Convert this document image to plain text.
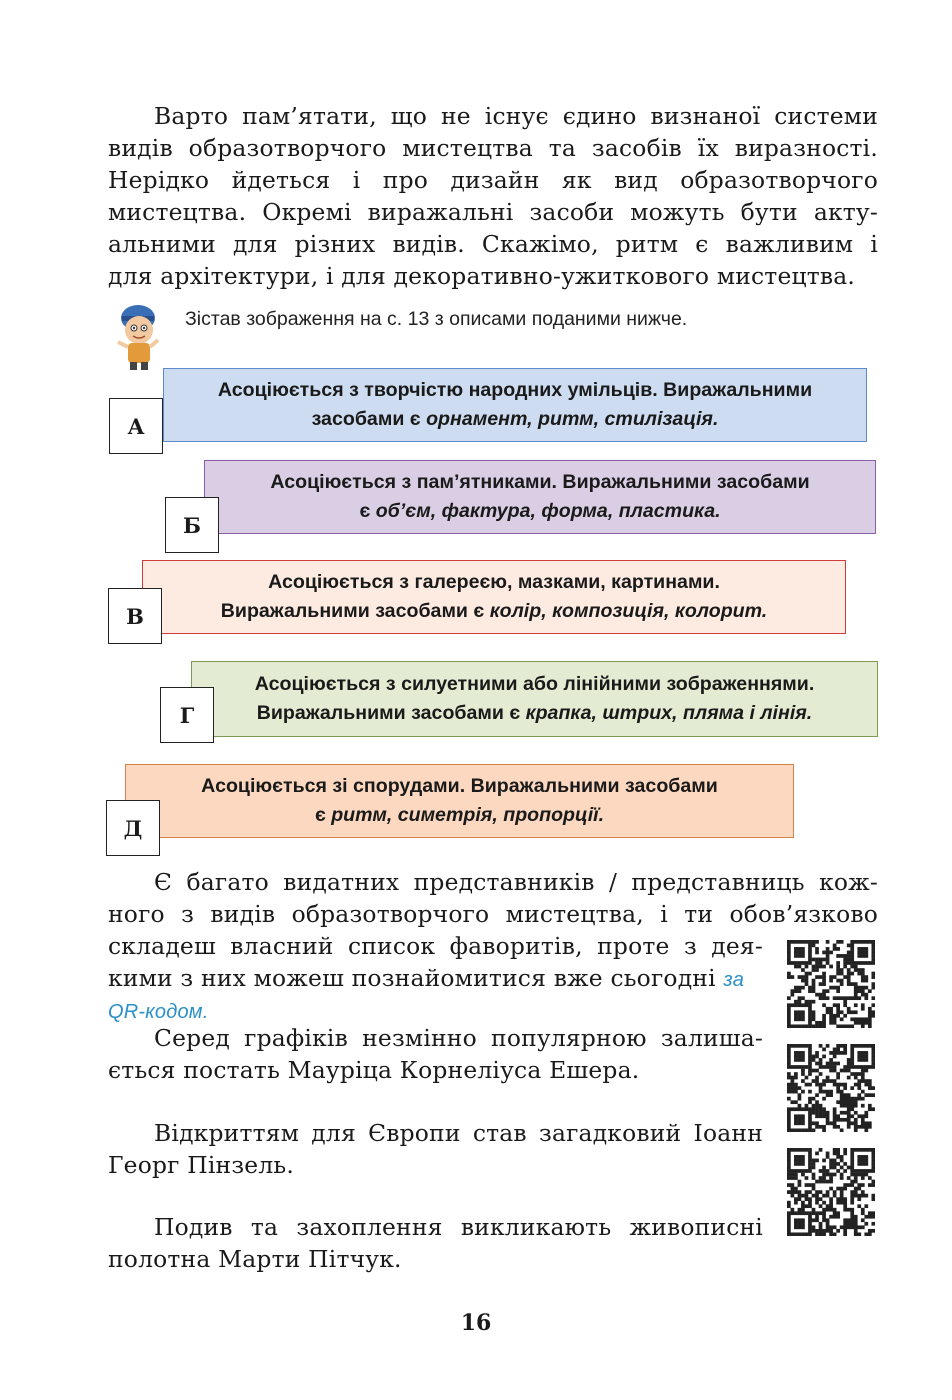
Варто пам’ятати, що не існує єдино визнаної системи
видів образотворчого мистецтва та засобів їх виразності.
Нерідко йдеться і про дизайн як вид образотворчого
мистецтва. Окремі виражальні засоби можуть бути акту-
альними для різних видів. Скажімо, ритм є важливим і
для архітектури, і для декоративно-ужиткового мистецтва.
Зістав зображення на с. 13 з описами поданими нижче.
Асоціюється з творчістю народних умільців. Виражальними
засобами є орнамент, ритм, стилізація.
А
Асоціюється з пам’ятниками. Виражальними засобами
є об’єм, фактура, форма, пластика.
Б
Асоціюється з галереєю, мазками, картинами.
Виражальними засобами є колір, композиція, колорит.
В
Асоціюється з силуетними або лінійними зображеннями.
Виражальними засобами є крапка, штрих, пляма і лінія.
Г
Асоціюється зі спорудами. Виражальними засобами
є ритм, симетрія, пропорції.
Д
Є багато видатних представників / представниць кож-
ного з видів образотворчого мистецтва, і ти обов’язково
складеш власний список фаворитів, проте з дея-
кими з них можеш познайомитися вже сьогодні за
QR-кодом.
Серед графіків незмінно популярною залиша-
ється постать Мауріца Корнеліуса Ешера.
Відкриттям для Європи став загадковий Іоанн
Георг Пінзель.
Подив та захоплення викликають живописні
полотна Марти Пітчук.
16
